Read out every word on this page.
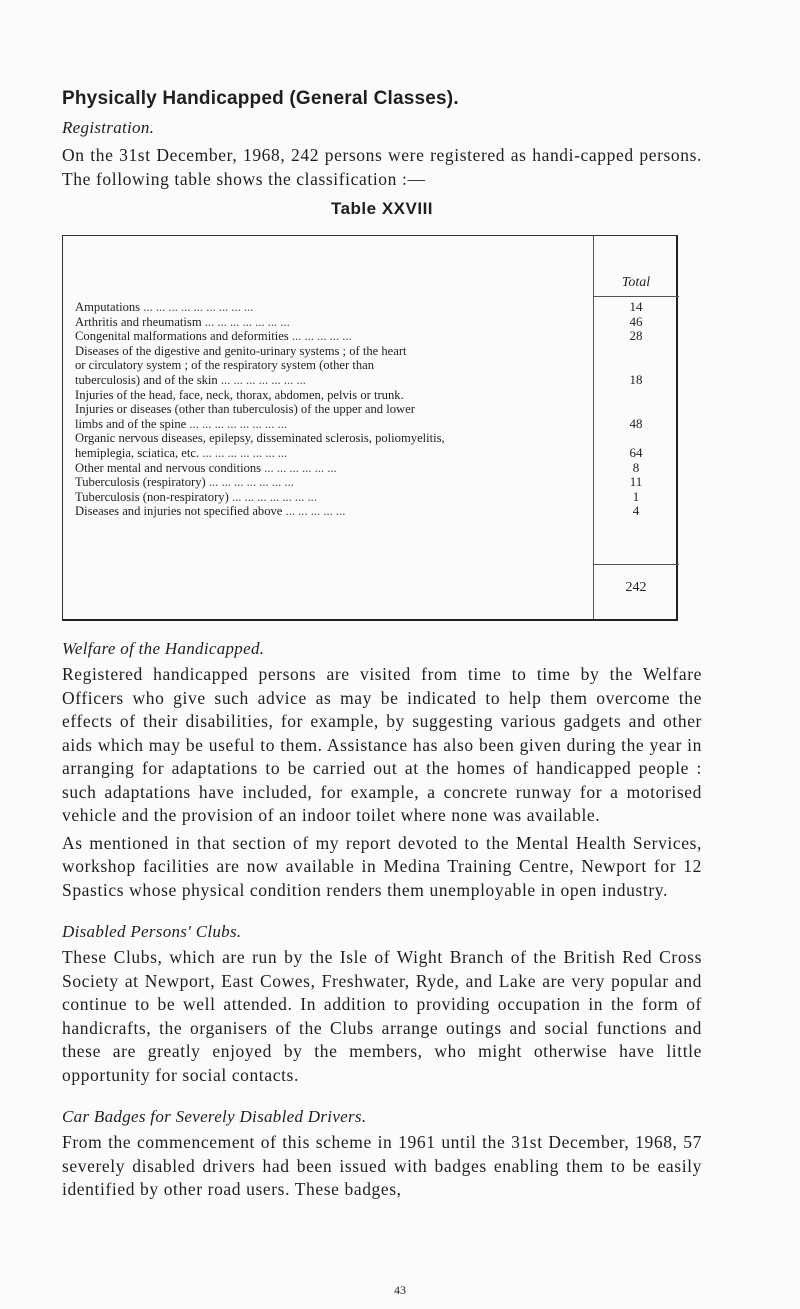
Physically Handicapped (General Classes).
Registration.

On the 31st December, 1968, 242 persons were registered as handi-capped persons. The following table shows the classification :—

Table XXVIII
Total
Amputations ... ... ... ... ... ... ... ... ...	14
Arthritis and rheumatism ... ... ... ... ... ... ...	46
Congenital malformations and deformities ... ... ... ... ...	28
Diseases of the digestive and genito-urinary systems ; of the heart
or circulatory system ; of the respiratory system (other than
tuberculosis) and of the skin ... ... ... ... ... ... ...	18
Injuries of the head, face, neck, thorax, abdomen, pelvis or trunk.
Injuries or diseases (other than tuberculosis) of the upper and lower
limbs and of the spine ... ... ... ... ... ... ... ...	48
Organic nervous diseases, epilepsy, disseminated sclerosis, poliomyelitis,
hemiplegia, sciatica, etc. ... ... ... ... ... ... ...	64
Other mental and nervous conditions ... ... ... ... ... ...	8
Tuberculosis (respiratory) ... ... ... ... ... ... ...	11
Tuberculosis (non-respiratory) ... ... ... ... ... ... ...	1
Diseases and injuries not specified above ... ... ... ... ...	4
242
Welfare of the Handicapped.

Registered handicapped persons are visited from time to time by the Welfare Officers who give such advice as may be indicated to help them overcome the effects of their disabilities, for example, by suggesting various gadgets and other aids which may be useful to them. Assistance has also been given during the year in arranging for adaptations to be carried out at the homes of handicapped people : such adaptations have included, for example, a concrete runway for a motorised vehicle and the provision of an indoor toilet where none was available.

As mentioned in that section of my report devoted to the Mental Health Services, workshop facilities are now available in Medina Training Centre, Newport for 12 Spastics whose physical condition renders them unemployable in open industry.

Disabled Persons' Clubs.

These Clubs, which are run by the Isle of Wight Branch of the British Red Cross Society at Newport, East Cowes, Freshwater, Ryde, and Lake are very popular and continue to be well attended. In addition to providing occupation in the form of handicrafts, the organisers of the Clubs arrange outings and social functions and these are greatly enjoyed by the members, who might otherwise have little opportunity for social contacts.

Car Badges for Severely Disabled Drivers.

From the commencement of this scheme in 1961 until the 31st December, 1968, 57 severely disabled drivers had been issued with badges enabling them to be easily identified by other road users. These badges,

43
